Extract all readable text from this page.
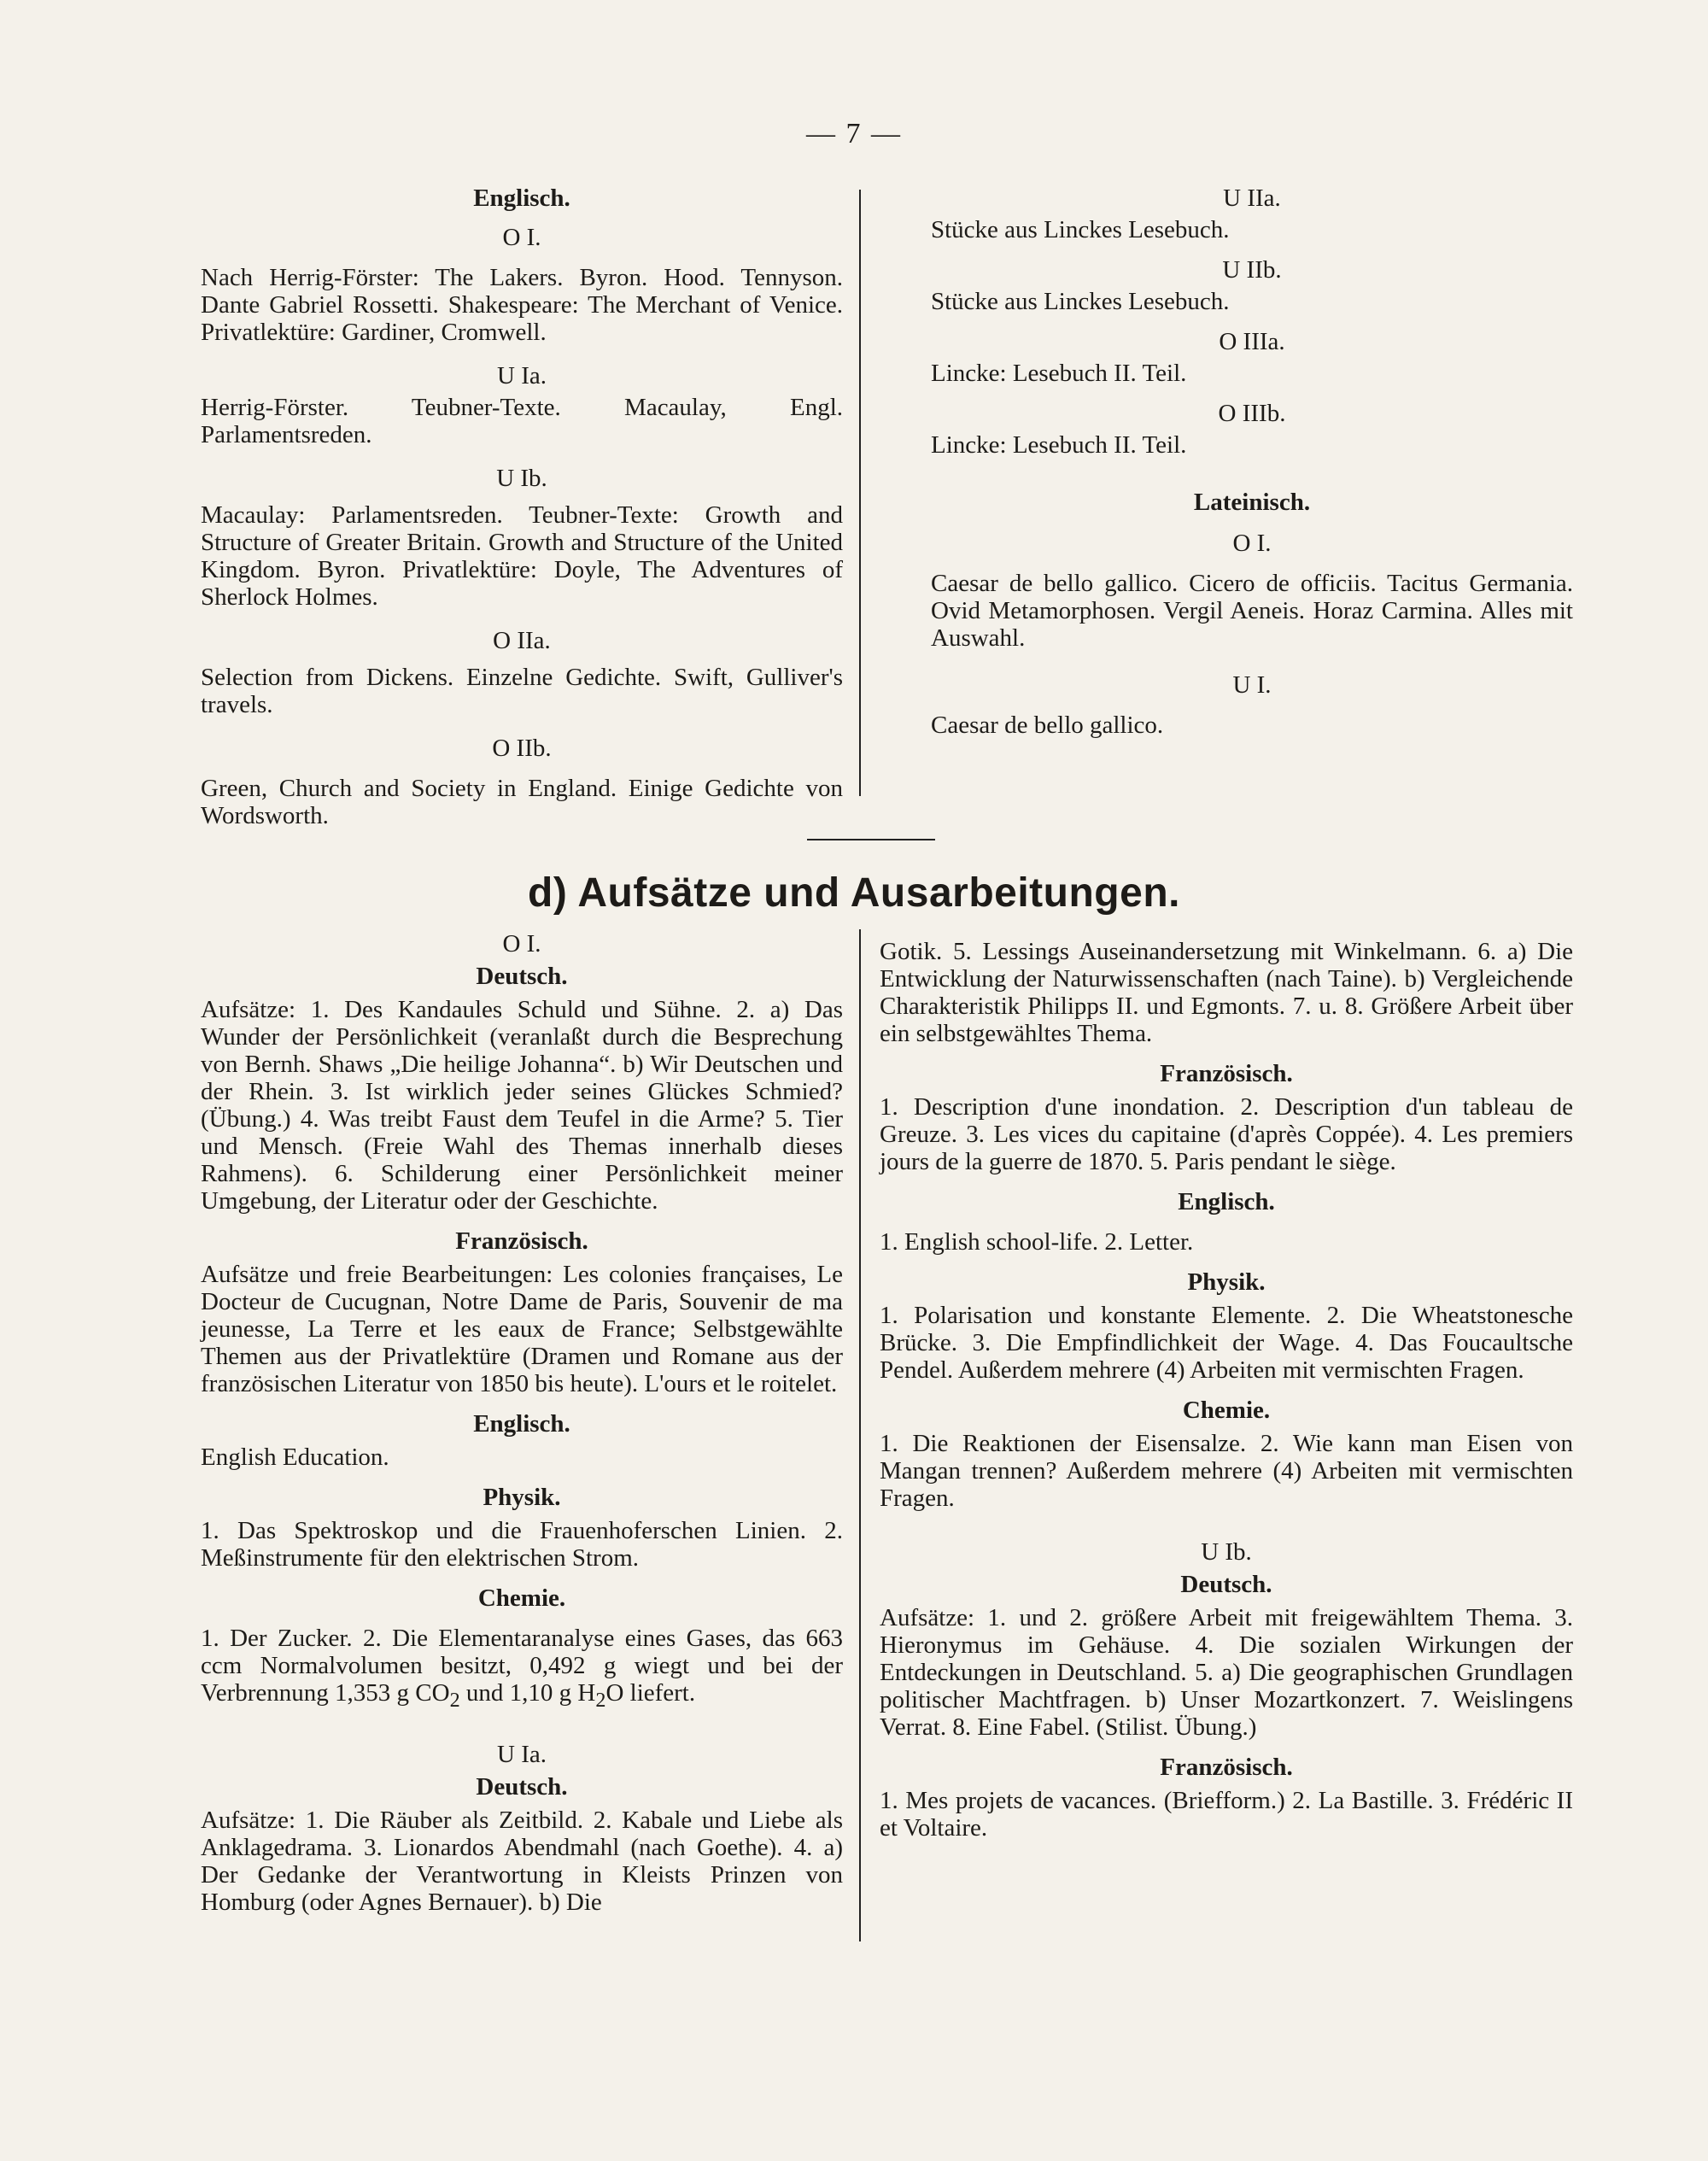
— 7 —
Englisch.
O I.

Nach Herrig-Förster: The Lakers. Byron. Hood. Tennyson. Dante Gabriel Rossetti. Shakespeare: The Merchant of Venice. Privatlektüre: Gardiner, Cromwell.

U Ia.

Herrig-Förster. Teubner-Texte. Macaulay, Engl. Parlamentsreden.

U Ib.

Macaulay: Parlamentsreden. Teubner-Texte: Growth and Structure of Greater Britain. Growth and Structure of the United Kingdom. Byron. Privatlektüre: Doyle, The Adventures of Sherlock Holmes.

O IIa.

Selection from Dickens. Einzelne Gedichte. Swift, Gulliver's travels.

O IIb.

Green, Church and Society in England. Einige Gedichte von Wordsworth.

U IIa.

Stücke aus Linckes Lesebuch.

U IIb.

Stücke aus Linckes Lesebuch.

O IIIa.

Lincke: Lesebuch II. Teil.

O IIIb.

Lincke: Lesebuch II. Teil.

Lateinisch.
O I.

Caesar de bello gallico. Cicero de officiis. Tacitus Germania. Ovid Metamorphosen. Vergil Aeneis. Horaz Carmina. Alles mit Auswahl.

U I.

Caesar de bello gallico.

d) Aufsätze und Ausarbeitungen.
O I.
Deutsch.

Aufsätze: 1. Des Kandaules Schuld und Sühne. 2. a) Das Wunder der Persönlichkeit (veranlaßt durch die Besprechung von Bernh. Shaws „Die heilige Johanna“. b) Wir Deutschen und der Rhein. 3. Ist wirklich jeder seines Glückes Schmied? (Übung.) 4. Was treibt Faust dem Teufel in die Arme? 5. Tier und Mensch. (Freie Wahl des Themas innerhalb dieses Rahmens). 6. Schilderung einer Persönlichkeit meiner Umgebung, der Literatur oder der Geschichte.

Französisch.

Aufsätze und freie Bearbeitungen: Les colonies françaises, Le Docteur de Cucugnan, Notre Dame de Paris, Souvenir de ma jeunesse, La Terre et les eaux de France; Selbstgewählte Themen aus der Privatlektüre (Dramen und Romane aus der französischen Literatur von 1850 bis heute). L'ours et le roitelet.

Englisch.

English Education.

Physik.

1. Das Spektroskop und die Frauenhoferschen Linien. 2. Meßinstrumente für den elektrischen Strom.

Chemie.

1. Der Zucker. 2. Die Elementaranalyse eines Gases, das 663 ccm Normalvolumen besitzt, 0,492 g wiegt und bei der Verbrennung 1,353 g $CO_2$ und 1,10 g $H_2O$ liefert.

U Ia.
Deutsch.

Aufsätze: 1. Die Räuber als Zeitbild. 2. Kabale und Liebe als Anklagedrama. 3. Lionardos Abendmahl (nach Goethe). 4. a) Der Gedanke der Verantwortung in Kleists Prinzen von Homburg (oder Agnes Bernauer). b) Die

Gotik. 5. Lessings Auseinandersetzung mit Winkelmann. 6. a) Die Entwicklung der Naturwissenschaften (nach Taine). b) Vergleichende Charakteristik Philipps II. und Egmonts. 7. u. 8. Größere Arbeit über ein selbstgewähltes Thema.

Französisch.

1. Description d'une inondation. 2. Description d'un tableau de Greuze. 3. Les vices du capitaine (d'après Coppée). 4. Les premiers jours de la guerre de 1870. 5. Paris pendant le siège.

Englisch.

1. English school-life. 2. Letter.

Physik.

1. Polarisation und konstante Elemente. 2. Die Wheatstonesche Brücke. 3. Die Empfindlichkeit der Wage. 4. Das Foucaultsche Pendel. Außerdem mehrere (4) Arbeiten mit vermischten Fragen.

Chemie.

1. Die Reaktionen der Eisensalze. 2. Wie kann man Eisen von Mangan trennen? Außerdem mehrere (4) Arbeiten mit vermischten Fragen.

U Ib.
Deutsch.

Aufsätze: 1. und 2. größere Arbeit mit freigewähltem Thema. 3. Hieronymus im Gehäuse. 4. Die sozialen Wirkungen der Entdeckungen in Deutschland. 5. a) Die geographischen Grundlagen politischer Machtfragen. b) Unser Mozartkonzert. 7. Weislingens Verrat. 8. Eine Fabel. (Stilist. Übung.)

Französisch.

1. Mes projets de vacances. (Briefform.) 2. La Bastille. 3. Frédéric II et Voltaire.
